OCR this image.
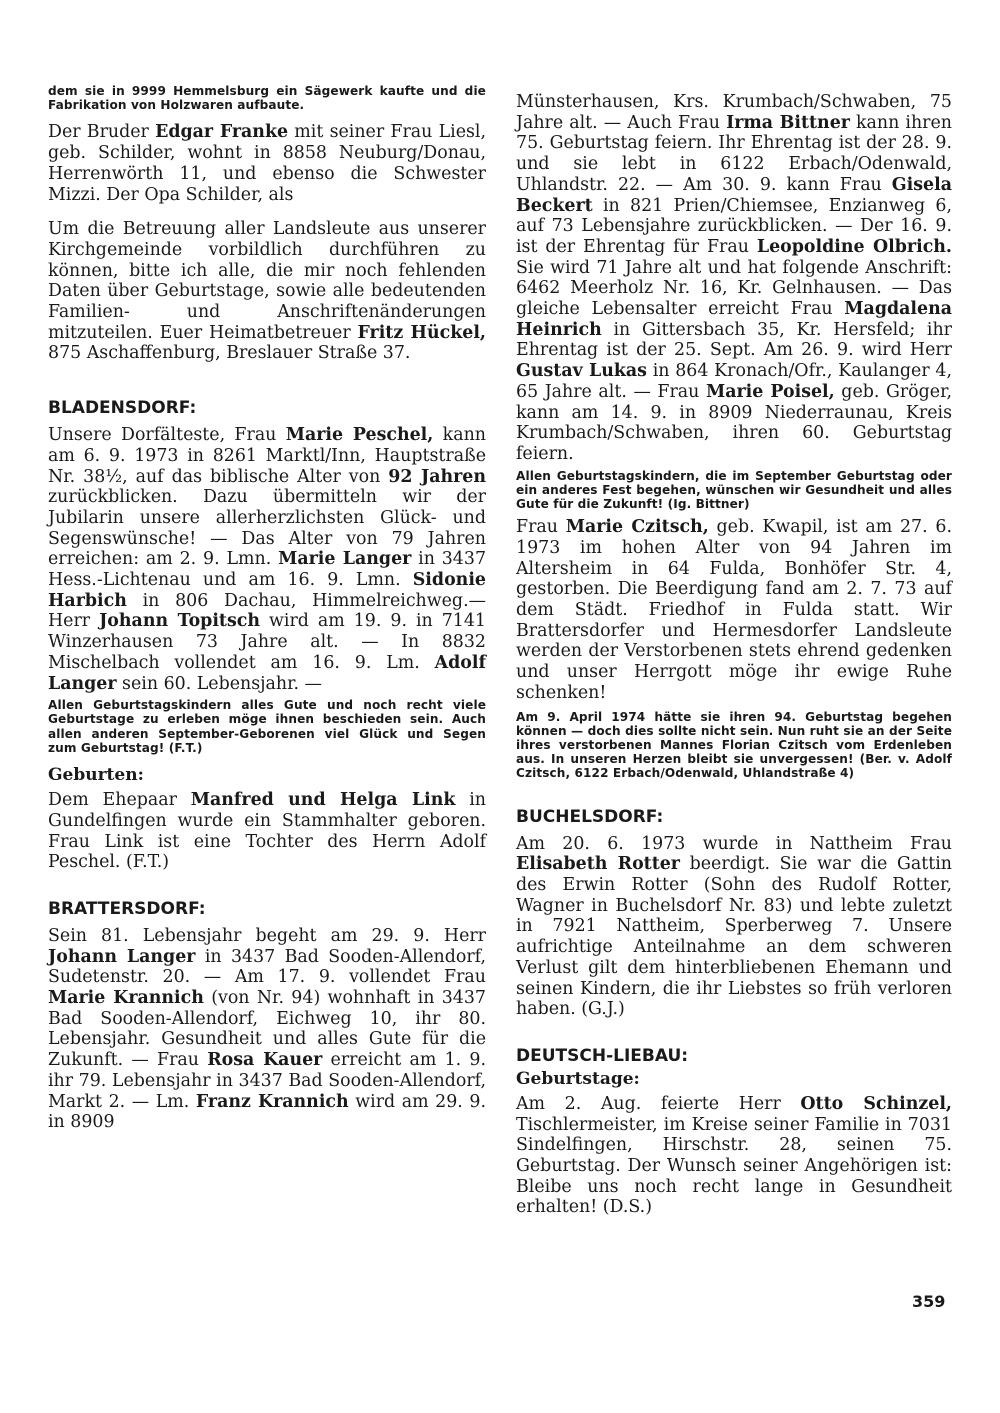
dem sie in 9999 Hemmelsburg ein Sägewerk kaufte und die Fabrikation von Holzwaren aufbaute.

Der Bruder Edgar Franke mit seiner Frau Liesl, geb. Schilder, wohnt in 8858 Neuburg/Donau, Herrenwörth 11, und ebenso die Schwester Mizzi. Der Opa Schilder, als

Um die Betreuung aller Landsleute aus unserer Kirchgemeinde vorbildlich durchführen zu können, bitte ich alle, die mir noch fehlenden Daten über Geburtstage, sowie alle bedeutenden Familien- und Anschriftenänderungen mitzuteilen. Euer Heimatbetreuer Fritz Hückel, 875 Aschaffenburg, Breslauer Straße 37.

BLADENSDORF:

Unsere Dorfälteste, Frau Marie Peschel, kann am 6. 9. 1973 in 8261 Marktl/Inn, Hauptstraße Nr. 38½, auf das biblische Alter von 92 Jahren zurückblicken. Dazu übermitteln wir der Jubilarin unsere allerherzlichsten Glück- und Segenswünsche! — Das Alter von 79 Jahren erreichen: am 2. 9. Lmn. Marie Langer in 3437 Hess.-Lichtenau und am 16. 9. Lmn. Sidonie Harbich in 806 Dachau, Himmelreichweg.— Herr Johann Topitsch wird am 19. 9. in 7141 Winzerhausen 73 Jahre alt. — In 8832 Mischelbach vollendet am 16. 9. Lm. Adolf Langer sein 60. Lebensjahr. —

Allen Geburtstagskindern alles Gute und noch recht viele Geburtstage zu erleben möge ihnen beschieden sein. Auch allen anderen September-Geborenen viel Glück und Segen zum Geburtstag! (F.T.)

Geburten:

Dem Ehepaar Manfred und Helga Link in Gundelfingen wurde ein Stammhalter geboren. Frau Link ist eine Tochter des Herrn Adolf Peschel. (F.T.)

BRATTERSDORF:

Sein 81. Lebensjahr begeht am 29. 9. Herr Johann Langer in 3437 Bad Sooden-Allendorf, Sudetenstr. 20. — Am 17. 9. vollendet Frau Marie Krannich (von Nr. 94) wohnhaft in 3437 Bad Sooden-Allendorf, Eichweg 10, ihr 80. Lebensjahr. Gesundheit und alles Gute für die Zukunft. — Frau Rosa Kauer erreicht am 1. 9. ihr 79. Lebensjahr in 3437 Bad Sooden-Allendorf, Markt 2. — Lm. Franz Krannich wird am 29. 9. in 8909

Münsterhausen, Krs. Krumbach/Schwaben, 75 Jahre alt. — Auch Frau Irma Bittner kann ihren 75. Geburtstag feiern. Ihr Ehrentag ist der 28. 9. und sie lebt in 6122 Erbach/Odenwald, Uhlandstr. 22. — Am 30. 9. kann Frau Gisela Beckert in 821 Prien/Chiemsee, Enzianweg 6, auf 73 Lebensjahre zurückblicken. — Der 16. 9. ist der Ehrentag für Frau Leopoldine Olbrich. Sie wird 71 Jahre alt und hat folgende Anschrift: 6462 Meerholz Nr. 16, Kr. Gelnhausen. — Das gleiche Lebensalter erreicht Frau Magdalena Heinrich in Gittersbach 35, Kr. Hersfeld; ihr Ehrentag ist der 25. Sept. Am 26. 9. wird Herr Gustav Lukas in 864 Kronach/Ofr., Kaulanger 4, 65 Jahre alt. — Frau Marie Poisel, geb. Gröger, kann am 14. 9. in 8909 Niederraunau, Kreis Krumbach/Schwaben, ihren 60. Geburtstag feiern.

Allen Geburtstagskindern, die im September Geburtstag oder ein anderes Fest begehen, wünschen wir Gesundheit und alles Gute für die Zukunft! (Ig. Bittner)

Frau Marie Czitsch, geb. Kwapil, ist am 27. 6. 1973 im hohen Alter von 94 Jahren im Altersheim in 64 Fulda, Bonhöfer Str. 4, gestorben. Die Beerdigung fand am 2. 7. 73 auf dem Städt. Friedhof in Fulda statt. Wir Brattersdorfer und Hermesdorfer Landsleute werden der Verstorbenen stets ehrend gedenken und unser Herrgott möge ihr ewige Ruhe schenken!

Am 9. April 1974 hätte sie ihren 94. Geburtstag begehen können — doch dies sollte nicht sein. Nun ruht sie an der Seite ihres verstorbenen Mannes Florian Czitsch vom Erdenleben aus. In unseren Herzen bleibt sie unvergessen! (Ber. v. Adolf Czitsch, 6122 Erbach/Odenwald, Uhlandstraße 4)

BUCHELSDORF:

Am 20. 6. 1973 wurde in Nattheim Frau Elisabeth Rotter beerdigt. Sie war die Gattin des Erwin Rotter (Sohn des Rudolf Rotter, Wagner in Buchelsdorf Nr. 83) und lebte zuletzt in 7921 Nattheim, Sperberweg 7. Unsere aufrichtige Anteilnahme an dem schweren Verlust gilt dem hinterbliebenen Ehemann und seinen Kindern, die ihr Liebstes so früh verloren haben. (G.J.)

DEUTSCH-LIEBAU:
Geburtstage:

Am 2. Aug. feierte Herr Otto Schinzel, Tischlermeister, im Kreise seiner Familie in 7031 Sindelfingen, Hirschstr. 28, seinen 75. Geburtstag. Der Wunsch seiner Angehörigen ist: Bleibe uns noch recht lange in Gesundheit erhalten! (D.S.)

359
